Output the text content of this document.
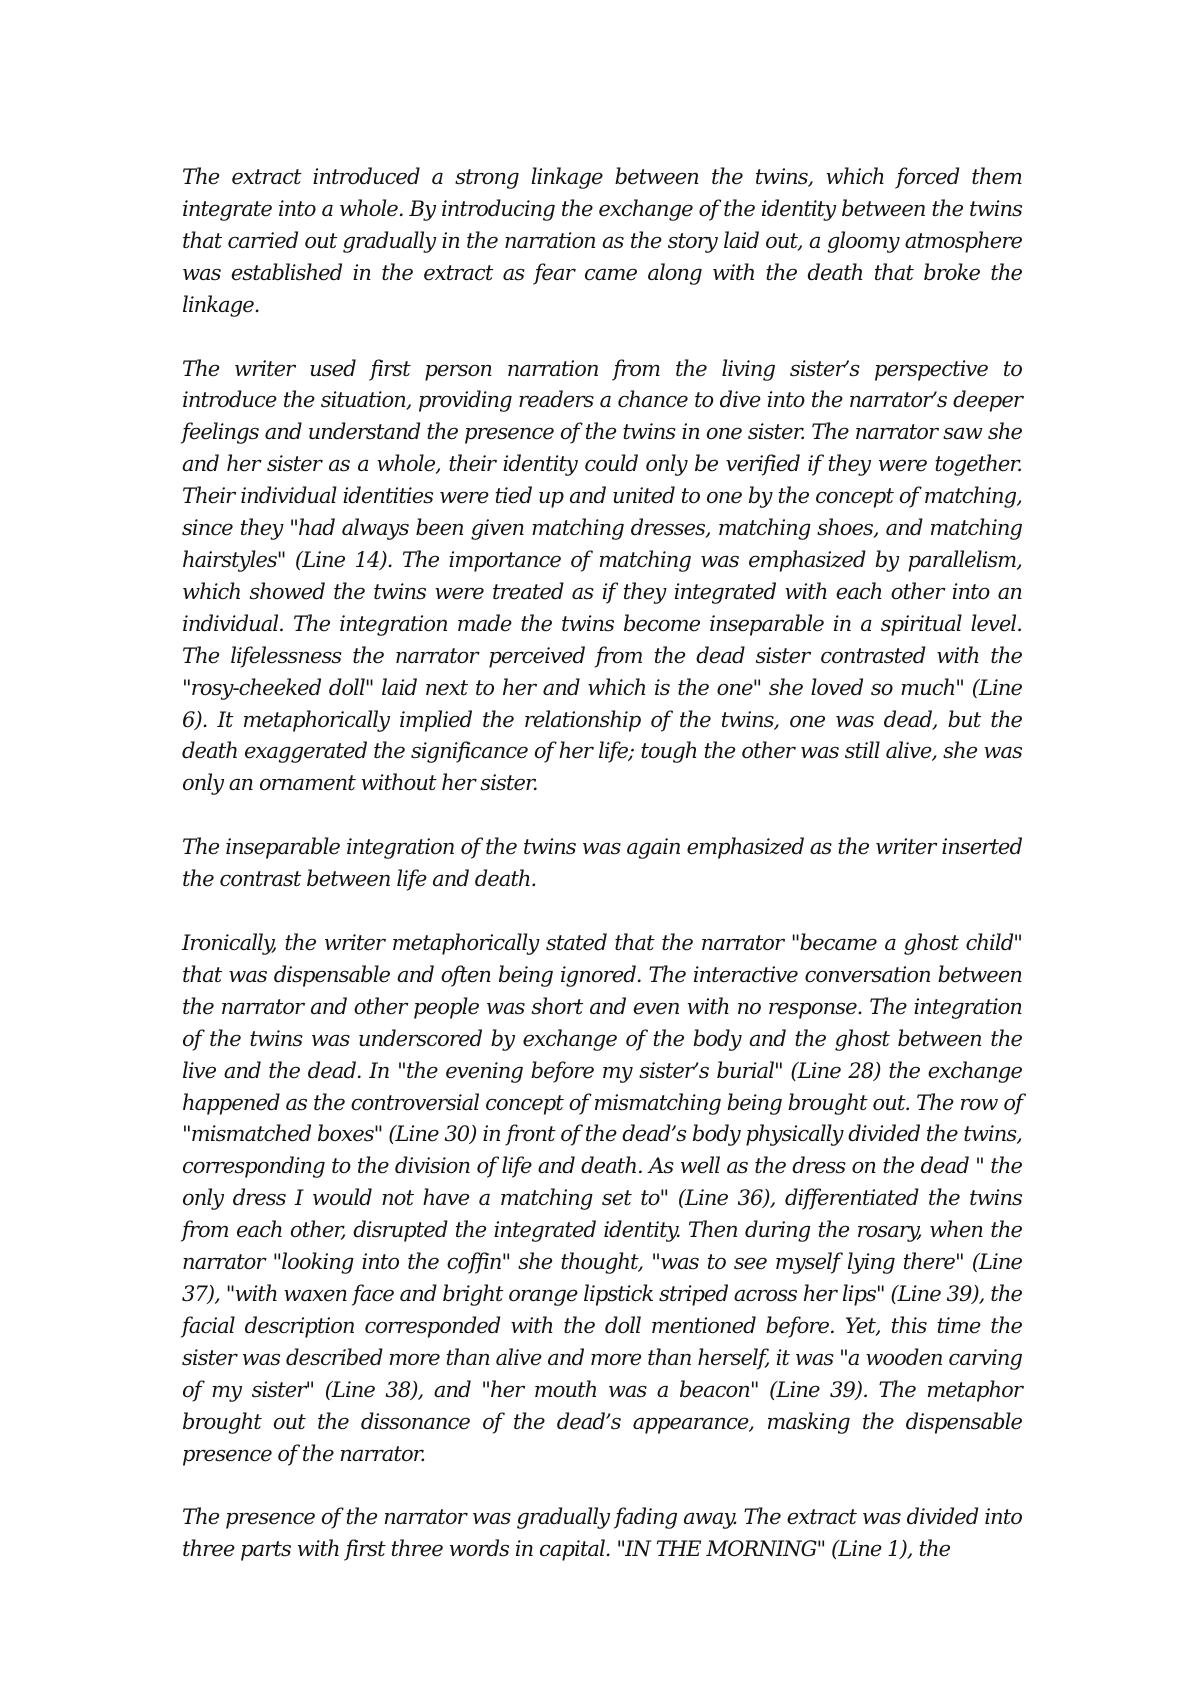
The extract introduced a strong linkage between the twins, which forced them integrate into a whole. By introducing the exchange of the identity between the twins that carried out gradually in the narration as the story laid out, a gloomy atmosphere was established in the extract as fear came along with the death that broke the linkage.

The writer used first person narration from the living sister’s perspective to introduce the situation, providing readers a chance to dive into the narrator’s deeper feelings and understand the presence of the twins in one sister. The narrator saw she and her sister as a whole, their identity could only be verified if they were together. Their individual identities were tied up and united to one by the concept of matching, since they "had always been given matching dresses, matching shoes, and matching hairstyles" (Line 14). The importance of matching was emphasized by parallelism, which showed the twins were treated as if they integrated with each other into an individual. The integration made the twins become inseparable in a spiritual level. The lifelessness the narrator perceived from the dead sister contrasted with the "rosy-cheeked doll" laid next to her and which is the one" she loved so much" (Line 6). It metaphorically implied the relationship of the twins, one was dead, but the death exaggerated the significance of her life; tough the other was still alive, she was only an ornament without her sister.

The inseparable integration of the twins was again emphasized as the writer inserted the contrast between life and death.

Ironically, the writer metaphorically stated that the narrator "became a ghost child" that was dispensable and often being ignored. The interactive conversation between the narrator and other people was short and even with no response. The integration of the twins was underscored by exchange of the body and the ghost between the live and the dead. In "the evening before my sister’s burial" (Line 28) the exchange happened as the controversial concept of mismatching being brought out. The row of "mismatched boxes" (Line 30) in front of the dead’s body physically divided the twins, corresponding to the division of life and death. As well as the dress on the dead " the only dress I would not have a matching set to" (Line 36), differentiated the twins from each other, disrupted the integrated identity. Then during the rosary, when the narrator "looking into the coffin" she thought, "was to see myself lying there" (Line 37), "with waxen face and bright orange lipstick striped across her lips" (Line 39), the facial description corresponded with the doll mentioned before. Yet, this time the sister was described more than alive and more than herself, it was "a wooden carving of my sister" (Line 38), and "her mouth was a beacon" (Line 39). The metaphor brought out the dissonance of the dead’s appearance, masking the dispensable presence of the narrator.

The presence of the narrator was gradually fading away. The extract was divided into three parts with first three words in capital. "IN THE MORNING" (Line 1), the
